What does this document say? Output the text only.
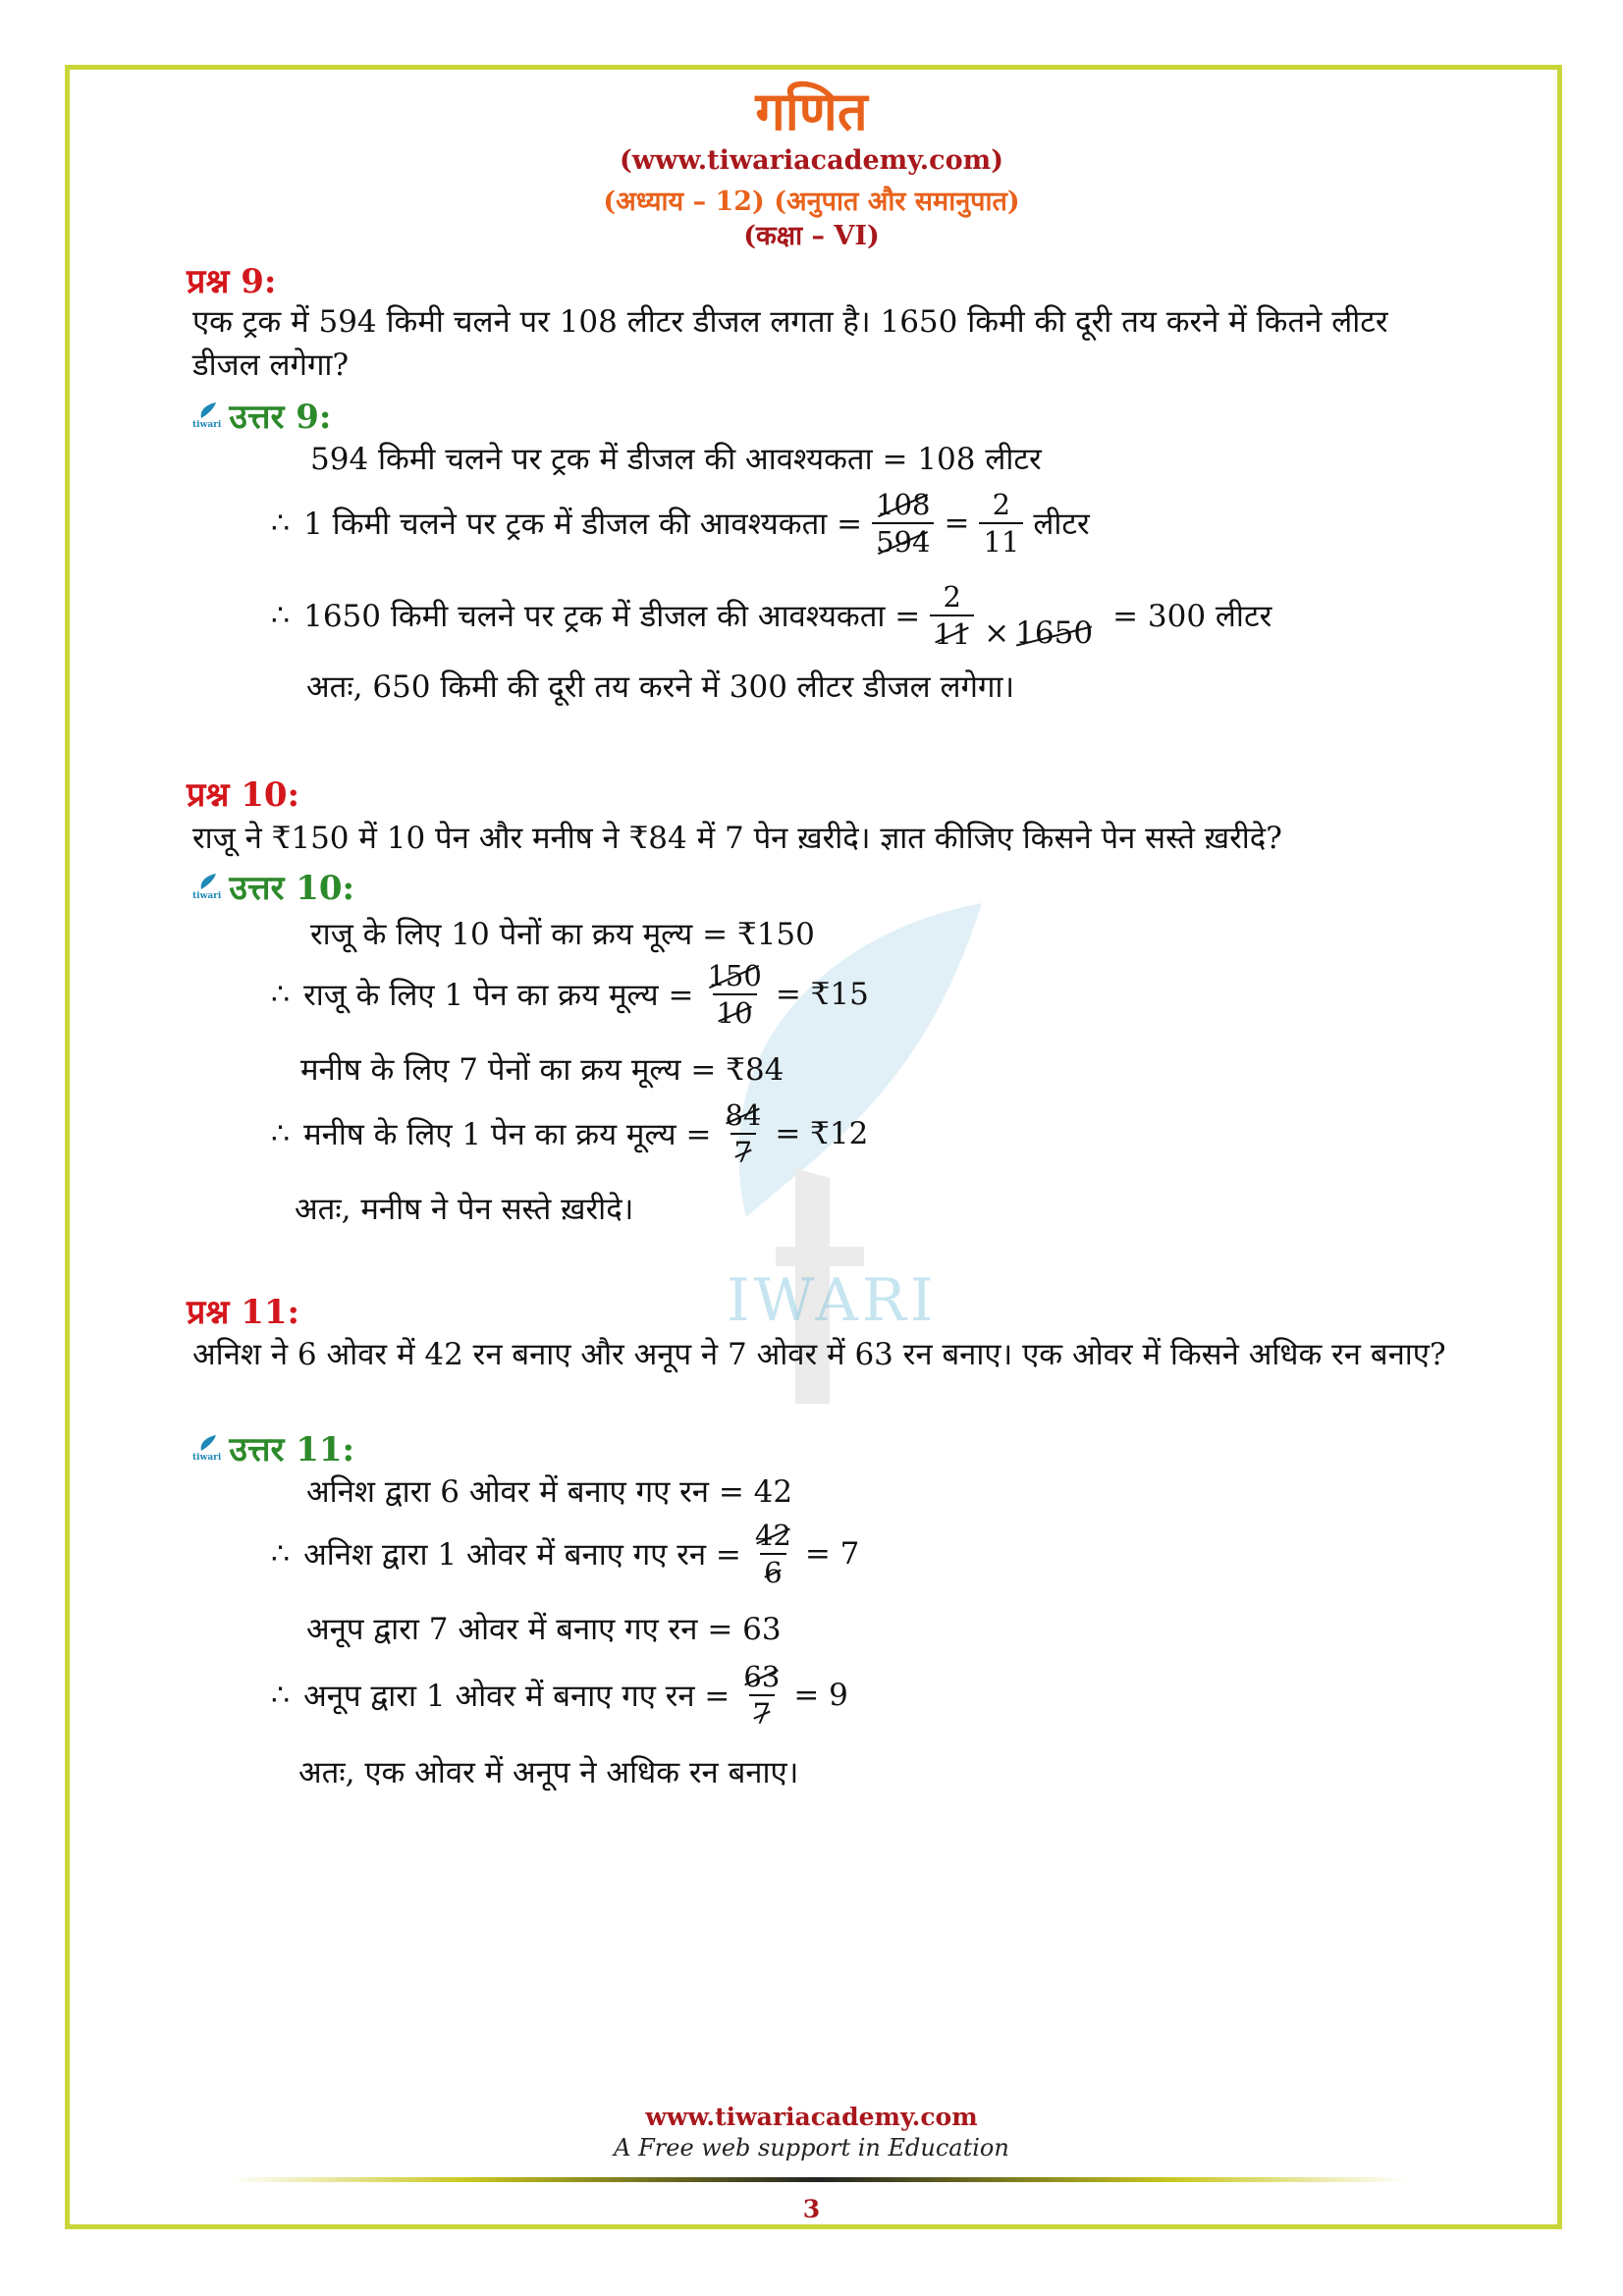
IWARI
गणित
(www.tiwariacademy.com)
(अध्याय – 12) (अनुपात और समानुपात)
(कक्षा – VI)
प्रश्न 9:
एक ट्रक में 594 किमी चलने पर 108 लीटर डीजल लगता है। 1650 किमी की दूरी तय करने में कितने लीटर डीजल लगेगा?
tiwari उत्तर 9:
594 किमी चलने पर ट्रक में डीजल की आवश्यकता = 108 लीटर
∴ 1 किमी चलने पर ट्रक में डीजल की आवश्यकता = $\frac{108}{594} = \frac{2}{11}$ लीटर
∴ 1650 किमी चलने पर ट्रक में डीजल की आवश्यकता = $\frac{2}{11} \times 1650 = 300$ लीटर
अतः, 650 किमी की दूरी तय करने में 300 लीटर डीजल लगेगा।
प्रश्न 10:
राजू ने ₹150 में 10 पेन और मनीष ने ₹84 में 7 पेन ख़रीदे। ज्ञात कीजिए किसने पेन सस्ते ख़रीदे?
tiwari उत्तर 10:
राजू के लिए 10 पेनों का क्रय मूल्य = ₹150
∴ राजू के लिए 1 पेन का क्रय मूल्य = $\frac{150}{10}$ = ₹15
मनीष के लिए 7 पेनों का क्रय मूल्य = ₹84
∴ मनीष के लिए 1 पेन का क्रय मूल्य = $\frac{84}{7}$ = ₹12
अतः, मनीष ने पेन सस्ते ख़रीदे।
प्रश्न 11:
अनिश ने 6 ओवर में 42 रन बनाए और अनूप ने 7 ओवर में 63 रन बनाए। एक ओवर में किसने अधिक रन बनाए?
tiwari उत्तर 11:
अनिश द्वारा 6 ओवर में बनाए गए रन = 42
∴ अनिश द्वारा 1 ओवर में बनाए गए रन = $\frac{42}{6} = 7$
अनूप द्वारा 7 ओवर में बनाए गए रन = 63
∴ अनूप द्वारा 1 ओवर में बनाए गए रन = $\frac{63}{7} = 9$
अतः, एक ओवर में अनूप ने अधिक रन बनाए।
www.tiwariacademy.com
A Free web support in Education
3
